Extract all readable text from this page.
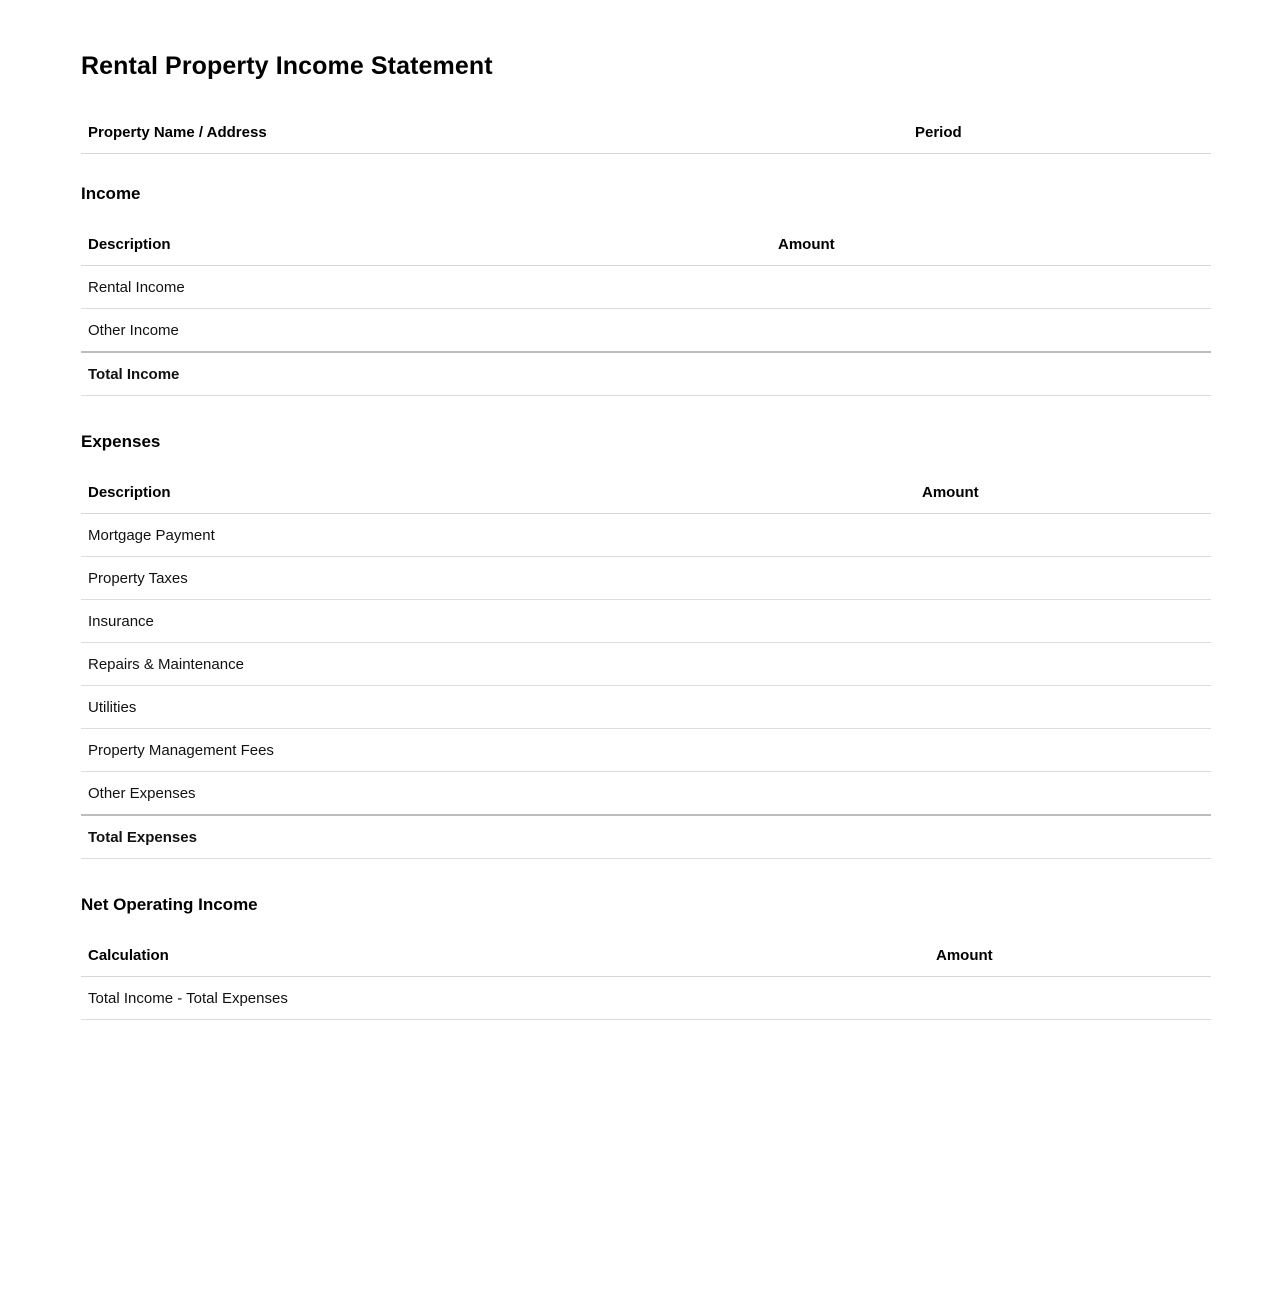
Rental Property Income Statement
Property Name / Address	Period
Income
Description	Amount
Rental Income	
Other Income	
Total Income	
Expenses
Description	Amount
Mortgage Payment	
Property Taxes	
Insurance	
Repairs & Maintenance	
Utilities	
Property Management Fees	
Other Expenses	
Total Expenses	
Net Operating Income
Calculation	Amount
Total Income - Total Expenses	
